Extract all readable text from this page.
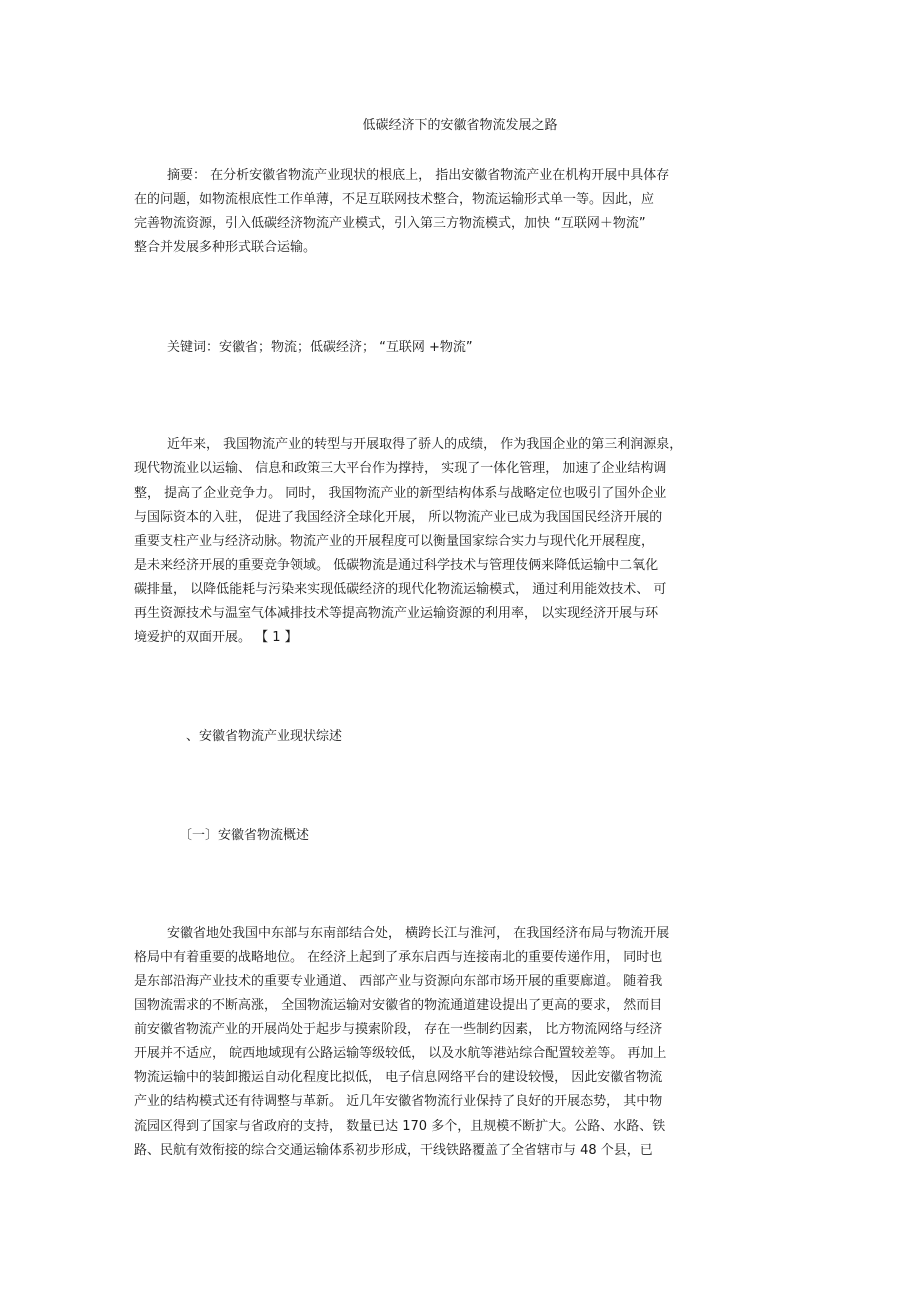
低碳经济下的安徽省物流发展之路
摘要： 在分析安徽省物流产业现状的根底上， 指出安徽省物流产业在机构开展中具体存
在的问题，如物流根底性工作单薄，不足互联网技术整合，物流运输形式单一等。因此，应
完善物流资源，引入低碳经济物流产业模式，引入第三方物流模式，加快 “互联网＋物流”
整合并发展多种形式联合运输。
关键词：安徽省；物流；低碳经济； “互联网 +物流”
近年来， 我国物流产业的转型与开展取得了骄人的成绩， 作为我国企业的第三利润源泉，
现代物流业以运输、 信息和政策三大平台作为撑持， 实现了一体化管理， 加速了企业结构调
整， 提高了企业竞争力。 同时， 我国物流产业的新型结构体系与战略定位也吸引了国外企业
与国际资本的入驻， 促进了我国经济全球化开展， 所以物流产业已成为我国国民经济开展的
重要支柱产业与经济动脉。物流产业的开展程度可以衡量国家综合实力与现代化开展程度，
是未来经济开展的重要竞争领域。 低碳物流是通过科学技术与管理伎俩来降低运输中二氧化
碳排量， 以降低能耗与污染来实现低碳经济的现代化物流运输模式， 通过利用能效技术、 可
再生资源技术与温室气体减排技术等提高物流产业运输资源的利用率， 以实现经济开展与环
境爱护的双面开展。 【 1 】
、安徽省物流产业现状综述
〔一〕安徽省物流概述
安徽省地处我国中东部与东南部结合处， 横跨长江与淮河， 在我国经济布局与物流开展
格局中有着重要的战略地位。 在经济上起到了承东启西与连接南北的重要传递作用， 同时也
是东部沿海产业技术的重要专业通道、 西部产业与资源向东部市场开展的重要廊道。 随着我
国物流需求的不断高涨， 全国物流运输对安徽省的物流通道建设提出了更高的要求， 然而目
前安徽省物流产业的开展尚处于起步与摸索阶段， 存在一些制约因素， 比方物流网络与经济
开展并不适应， 皖西地域现有公路运输等级较低， 以及水航等港站综合配置较差等。 再加上
物流运输中的装卸搬运自动化程度比拟低， 电子信息网络平台的建设较慢， 因此安徽省物流
产业的结构模式还有待调整与革新。 近几年安徽省物流行业保持了良好的开展态势， 其中物
流园区得到了国家与省政府的支持， 数量已达 170 多个，且规模不断扩大。公路、水路、铁
路、民航有效衔接的综合交通运输体系初步形成，干线铁路覆盖了全省辖市与 48 个县，已
